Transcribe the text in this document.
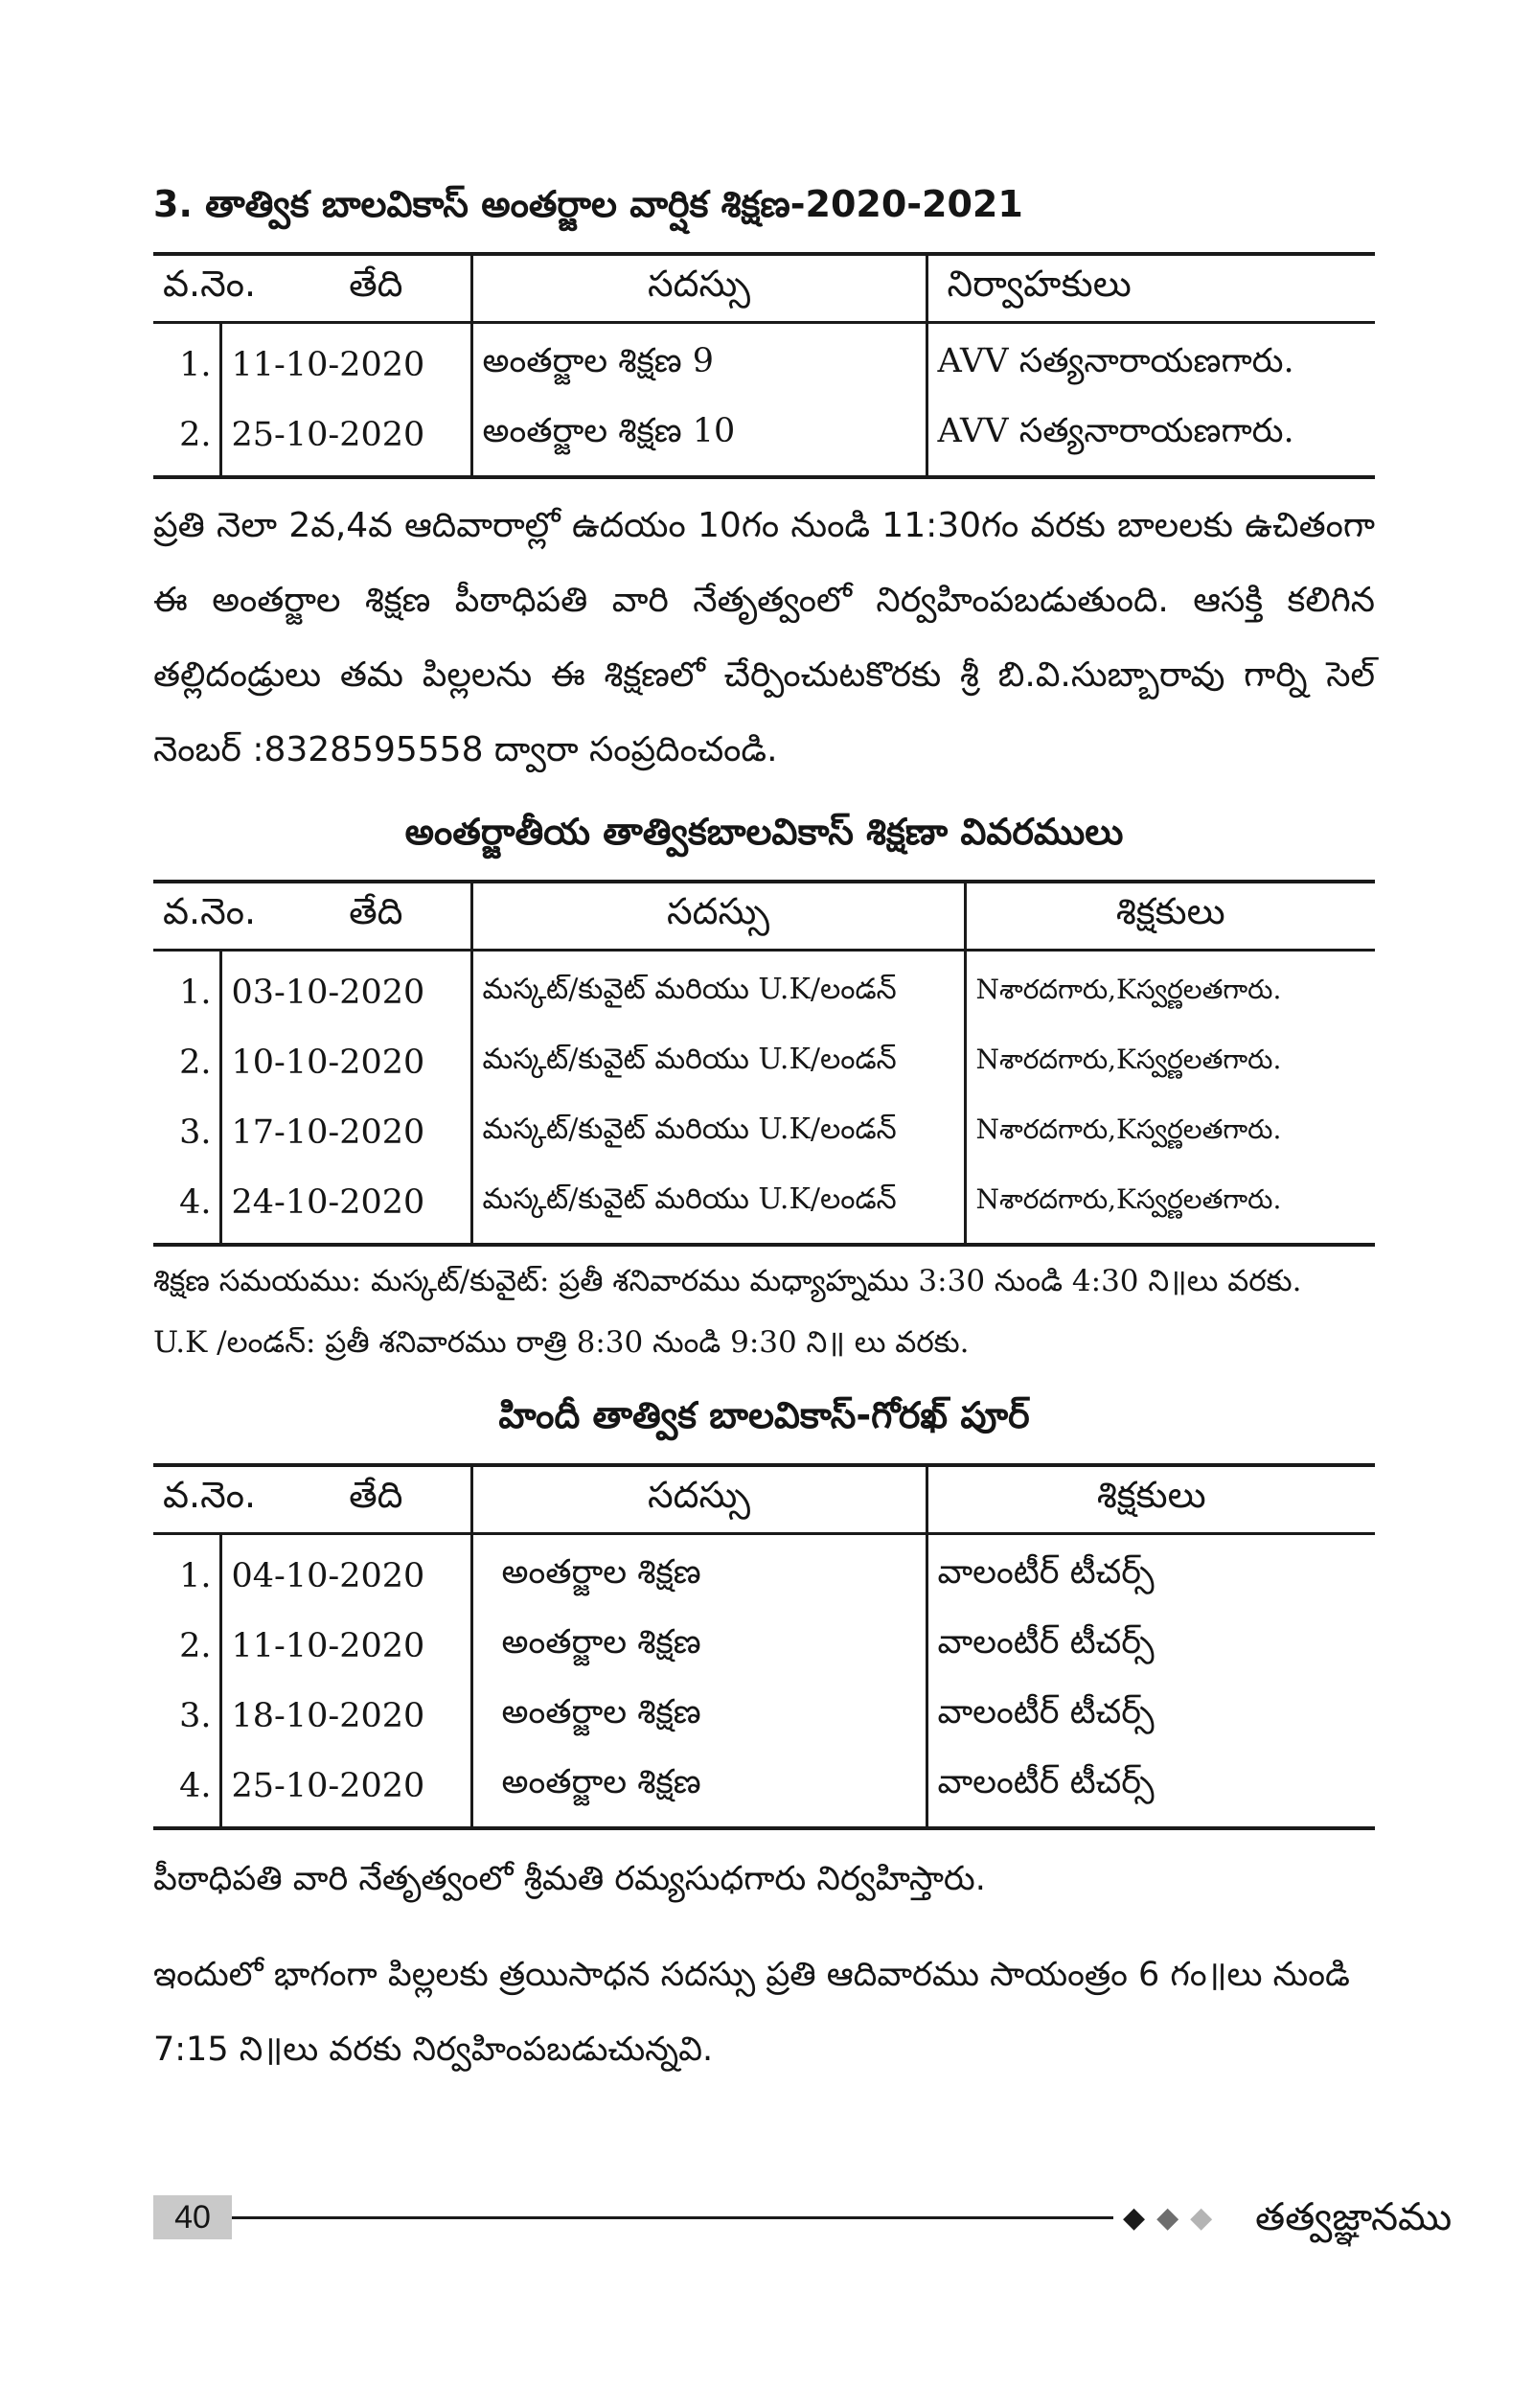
3. తాత్విక బాలవికాస్ అంతర్జాల వార్షిక శిక్షణ-2020-2021
వ.నెం. తేది		సదస్సు	నిర్వాహకులు
1.	11-10-2020	అంతర్జాల శిక్షణ 9	AVV సత్యనారాయణగారు.
2.	25-10-2020	అంతర్జాల శిక్షణ 10	AVV సత్యనారాయణగారు.

ప్రతి నెలా 2వ,4వ ఆదివారాల్లో ఉదయం 10గం నుండి 11:30గం వరకు బాలలకు ఉచితంగా ఈ అంతర్జాల శిక్షణ పీఠాధిపతి వారి నేతృత్వంలో నిర్వహింపబడుతుంది. ఆసక్తి కలిగిన తల్లిదండ్రులు తమ పిల్లలను ఈ శిక్షణలో చేర్పించుటకొరకు శ్రీ బి.వి.సుబ్బారావు గార్ని సెల్ నెంబర్ :8328595558 ద్వారా సంప్రదించండి.

అంతర్జాతీయ తాత్వికబాలవికాస్ శిక్షణా వివరములు
వ.నెం. తేది		సదస్సు	శిక్షకులు
1.	03-10-2020	మస్కట్/కువైట్ మరియు U.K/లండన్	Nశారదగారు,Kస్వర్ణలతగారు.
2.	10-10-2020	మస్కట్/కువైట్ మరియు U.K/లండన్	Nశారదగారు,Kస్వర్ణలతగారు.
3.	17-10-2020	మస్కట్/కువైట్ మరియు U.K/లండన్	Nశారదగారు,Kస్వర్ణలతగారు.
4.	24-10-2020	మస్కట్/కువైట్ మరియు U.K/లండన్	Nశారదగారు,Kస్వర్ణలతగారు.
శిక్షణ సమయము: మస్కట్/కువైట్: ప్రతీ శనివారము మధ్యాహ్నము 3:30 నుండి 4:30 ని॥లు వరకు.
U.K /లండన్: ప్రతీ శనివారము రాత్రి 8:30 నుండి 9:30 ని॥ లు వరకు.
హిందీ తాత్విక బాలవికాస్-గోరఖ్ పూర్
వ.నెం. తేది		సదస్సు	శిక్షకులు
1.	04-10-2020	అంతర్జాల శిక్షణ	వాలంటీర్ టీచర్స్
2.	11-10-2020	అంతర్జాల శిక్షణ	వాలంటీర్ టీచర్స్
3.	18-10-2020	అంతర్జాల శిక్షణ	వాలంటీర్ టీచర్స్
4.	25-10-2020	అంతర్జాల శిక్షణ	వాలంటీర్ టీచర్స్

పీఠాధిపతి వారి నేతృత్వంలో శ్రీమతి రమ్యసుధగారు నిర్వహిస్తారు.

ఇందులో భాగంగా పిల్లలకు త్రయిసాధన సదస్సు ప్రతి ఆదివారము సాయంత్రం 6 గం॥లు నుండి 7:15 ని॥లు వరకు నిర్వహింపబడుచున్నవి.

40	◆ ◆ ◆	తత్వజ్ఞానము
